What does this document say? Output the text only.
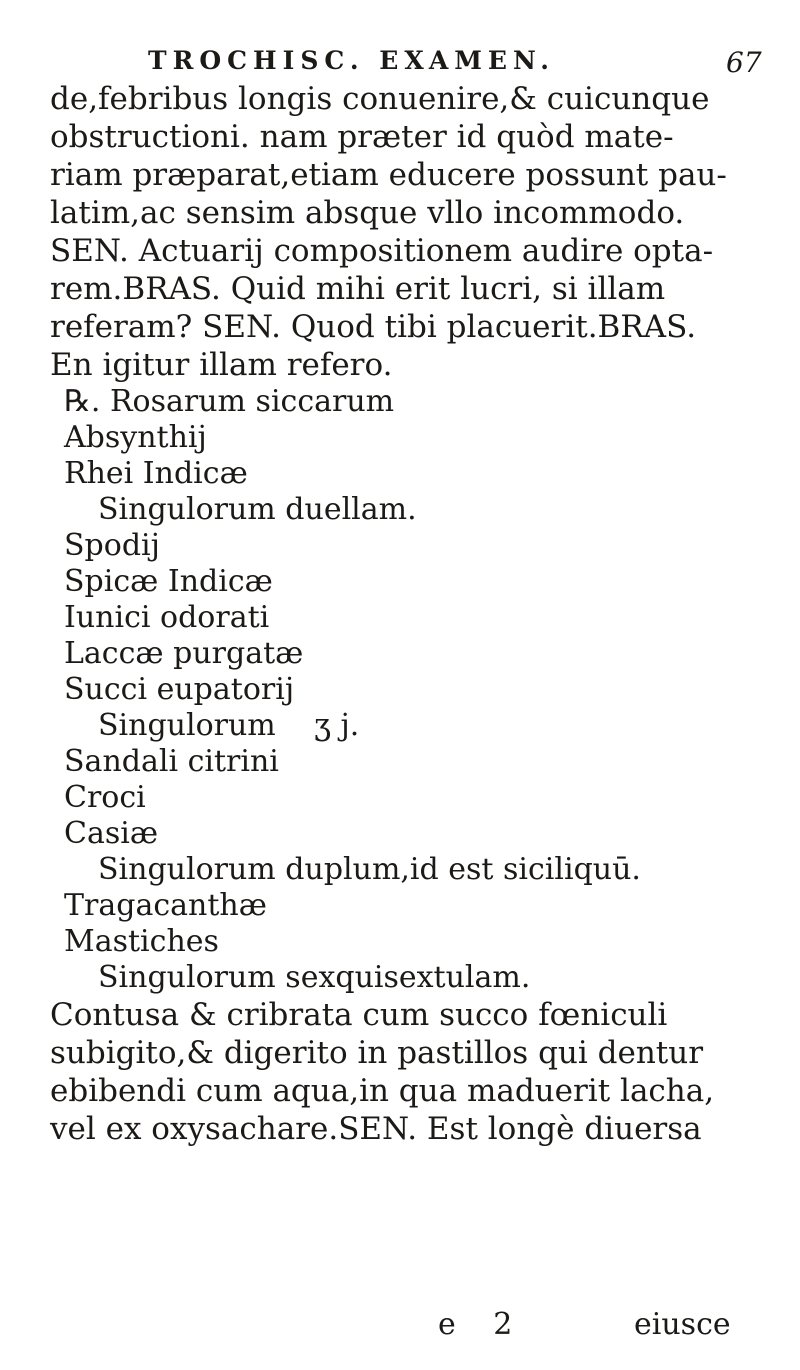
TROCHISC. EXAMEN.	67
de,febribus longis conuenire,& cuicunque
obstructioni. nam præter id quòd mate-
riam præparat,etiam educere possunt pau-
latim,ac sensim absque vllo incommodo.
SEN. Actuarij compositionem audire opta-
rem.BRAS. Quid mihi erit lucri, si illam
referam? SEN. Quod tibi placuerit.BRAS.
En igitur illam refero.
℞. Rosarum siccarum
Absynthij
Rhei Indicæ
Singulorum duellam.
Spodij
Spicæ Indicæ
Iunici odorati
Laccæ purgatæ
Succi eupatorij
Singulorum ʒ j.
Sandali citrini
Croci
Casiæ
Singulorum duplum,id est siciliquū.
Tragacanthæ
Mastiches
Singulorum sexquisextulam.
Contusa & cribrata cum succo fœniculi
subigito,& digerito in pastillos qui dentur
ebibendi cum aqua,in qua maduerit lacha,
vel ex oxysachare.SEN. Est longè diuersa
e 2	eiusce
